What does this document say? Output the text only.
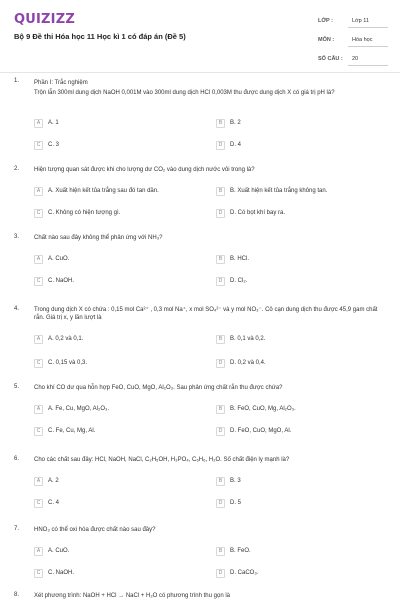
QUIZIZZ
Bộ 9 Đề thi Hóa học 11 Học kì 1 có đáp án (Đề 5)
LỚP :	Lớp 11
MÔN :	Hóa học
SỐ CÂU :	20
1. Phần I: Trắc nghiệm
Trộn lẫn 300ml dung dịch NaOH 0,001M vào 300ml dung dịch HCl 0,003M thu được dung dịch X có giá trị pH là?
A	A. 1	B	B. 2
C	C. 3	D	D. 4
2. Hiện tượng quan sát được khi cho lượng dư CO₂ vào dung dịch nước vôi trong là?
A	A. Xuất hiện kết tủa trắng sau đó tan dần.	B	B. Xuất hiện kết tủa trắng không tan.
C	C. Không có hiện tượng gì.	D	D. Có bọt khí bay ra.
3. Chất nào sau đây không thể phản ứng với NH₃?
A	A. CuO.	B	B. HCl.
C	C. NaOH.	D	D. Cl₂.
4. Trong dung dịch X có chứa : 0,15 mol Ca²⁺ , 0,3 mol Na⁺, x mol SO₄²⁻ và y mol NO₃⁻. Cô cạn dung dịch thu được 45,9 gam chất rắn. Giá trị x, y lần lượt là
A	A. 0,2 và 0,1.	B	B. 0,1 và 0,2.
C	C. 0,15 và 0,3.	D	D. 0,2 và 0,4.
5. Cho khí CO dư qua hỗn hợp FeO, CuO, MgO, Al₂O₃. Sau phản ứng chất rắn thu được chứa?
A	A. Fe, Cu, MgO, Al₂O₃.	B	B. FeO, CuO, Mg, Al₂O₃.
C	C. Fe, Cu, Mg, Al.	D	D. FeO, CuO, MgO, Al.
6. Cho các chất sau đây: HCl, NaOH, NaCl, C₂H₅OH, H₃PO₄, C₆H₆, H₂O. Số chất điện ly mạnh là?
A	A. 2	B	B. 3
C	C. 4	D	D. 5
7. HNO₃ có thể oxi hóa được chất nào sau đây?
A	A. CuO.	B	B. FeO.
C	C. NaOH.	D	D. CaCO₃.
8. Xét phương trình: NaOH + HCl → NaCl + H₂O có phương trình thu gọn là
